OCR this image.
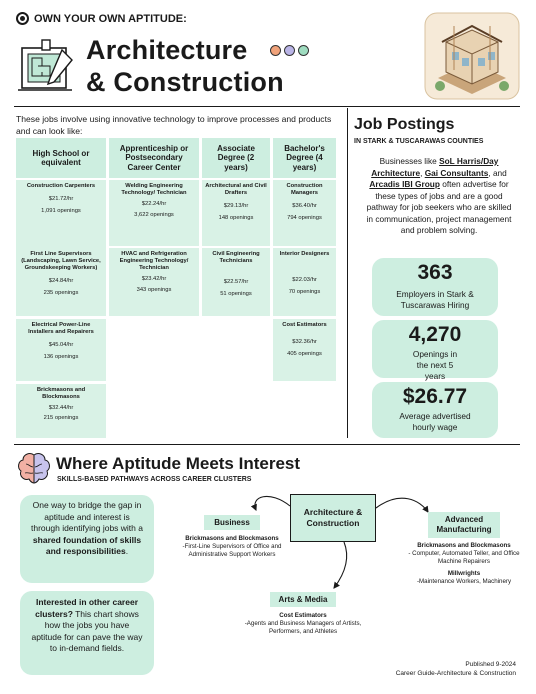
OWN YOUR OWN APTITUDE:
Architecture
& Construction
These jobs involve using innovative technology to improve processes and products and can look like:
High School or equivalent
Construction Carpenters
$21.72/hr
1,091 openings
First Line Supervisors (Landscaping, Lawn Service, Groundskeeping Workers)
$24.84/hr
235 openings
Electrical Power-Line Installers and Repairers
$45.04/hr
136 openings
Brickmasons and Blockmasons
$32.44/hr
215 openings
Apprenticeship or Postsecondary Career Center
Welding Engineering Technology/ Technician
$22.24/hr
3,622 openings
HVAC and Refrigeration Engineering Technology/ Technician
$23.42/hr
343 openings
Associate Degree (2 years)
Architectural and Civil Drafters
$29.13/hr
148 openings
Civil Engineering Technicians
$22.57/hr
51 openings
Bachelor's Degree (4 years)
Construction Managers
$36.40/hr
794 openings
Interior Designers
$22.03/hr
70 openings
Cost Estimators
$32.36/hr
405 openings
Job Postings
IN STARK & TUSCARAWAS COUNTIES
Businesses like SoL Harris/Day Architecture, Gai Consultants, and Arcadis IBI Group often advertise for these types of jobs and are a good pathway for job seekers who are skilled in communication, project management and problem solving.
363
Employers in Stark & Tuscarawas Hiring
4,270
Openings in the next 5 years
$26.77
Average advertised hourly wage
Where Aptitude Meets Interest
SKILLS-BASED PATHWAYS ACROSS CAREER CLUSTERS
One way to bridge the gap in aptitude and interest is through identifying jobs with a shared foundation of skills and responsibilities.
Interested in other career clusters? This chart shows how the jobs you have aptitude for can pave the way to in-demand fields.
Architecture & Construction
Business
Brickmasons and Blockmasons
-First-Line Supervisors of Office and Administrative Support Workers
Advanced Manufacturing
Brickmasons and Blockmasons
- Computer, Automated Teller, and Office Machine Repairers
Millwrights
-Maintenance Workers, Machinery
Arts & Media
Cost Estimators
-Agents and Business Managers of Artists, Performers, and Athletes
Published 9-2024
Career Guide-Architecture & Construction
